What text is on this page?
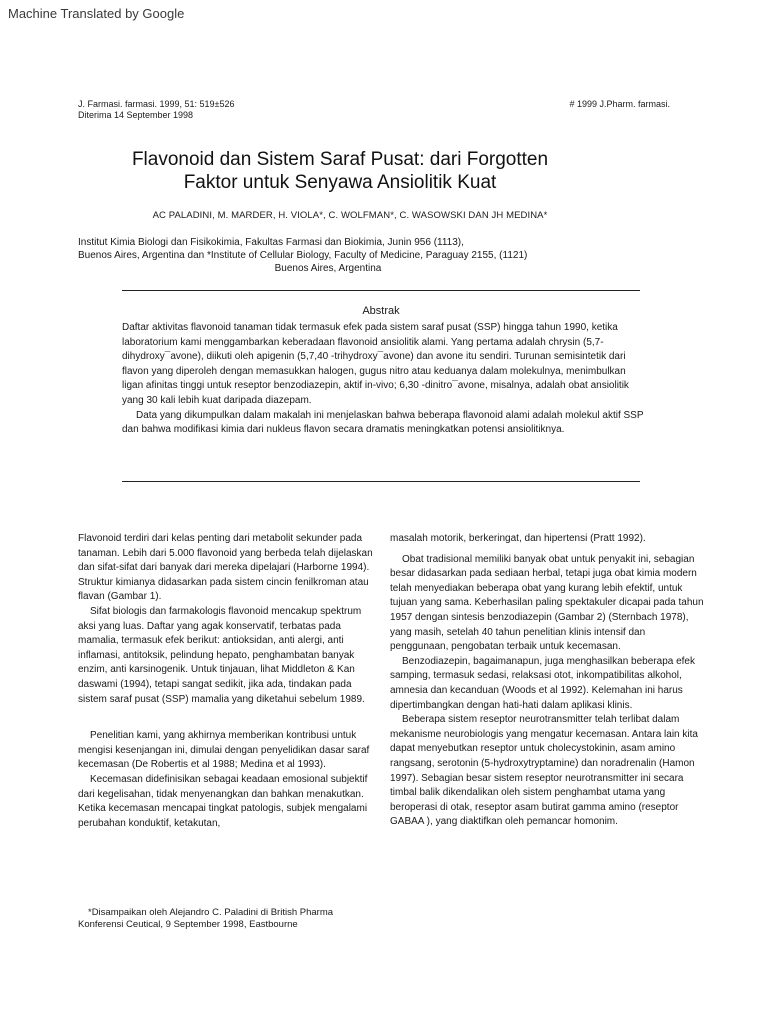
Machine Translated by Google
J. Farmasi. farmasi. 1999, 51: 519±526
Diterima 14 September 1998
# 1999 J.Pharm. farmasi.
Flavonoid dan Sistem Saraf Pusat: dari Forgotten
Faktor untuk Senyawa Ansiolitik Kuat
AC PALADINI, M. MARDER, H. VIOLA*, C. WOLFMAN*, C. WASOWSKI DAN JH MEDINA*
Institut Kimia Biologi dan Fisikokimia, Fakultas Farmasi dan Biokimia, Junin 956 (1113),
Buenos Aires, Argentina dan *Institute of Cellular Biology, Faculty of Medicine, Paraguay 2155, (1121)
Buenos Aires, Argentina
Abstrak

Daftar aktivitas flavonoid tanaman tidak termasuk efek pada sistem saraf pusat (SSP) hingga tahun 1990, ketika laboratorium kami menggambarkan keberadaan flavonoid ansiolitik alami. Yang pertama adalah chrysin (5,7-dihydroxy¯avone), diikuti oleh apigenin (5,7,40 -trihydroxy¯avone) dan avone itu sendiri. Turunan semisintetik dari flavon yang diperoleh dengan memasukkan halogen, gugus nitro atau keduanya dalam molekulnya, menimbulkan ligan afinitas tinggi untuk reseptor benzodiazepin, aktif in-vivo; 6,30 -dinitro¯avone, misalnya, adalah obat ansiolitik yang 30 kali lebih kuat daripada diazepam.

Data yang dikumpulkan dalam makalah ini menjelaskan bahwa beberapa flavonoid alami adalah molekul aktif SSP dan bahwa modifikasi kimia dari nukleus flavon secara dramatis meningkatkan potensi ansiolitiknya.

Flavonoid terdiri dari kelas penting dari metabolit sekunder pada tanaman. Lebih dari 5.000 flavonoid yang berbeda telah dijelaskan dan sifat-sifat dari banyak dari mereka dipelajari (Harborne 1994). Struktur kimianya didasarkan pada sistem cincin fenilkroman atau flavan (Gambar 1).

Sifat biologis dan farmakologis flavonoid mencakup spektrum aksi yang luas. Daftar yang agak konservatif, terbatas pada mamalia, termasuk efek berikut: antioksidan, anti alergi, anti inflamasi, antitoksik, pelindung hepato, penghambatan banyak enzim, anti karsinogenik. Untuk tinjauan, lihat Middleton & Kan daswami (1994), tetapi sangat sedikit, jika ada, tindakan pada sistem saraf pusat (SSP) mamalia yang diketahui sebelum 1989.

Penelitian kami, yang akhirnya memberikan kontribusi untuk mengisi kesenjangan ini, dimulai dengan penyelidikan dasar saraf kecemasan (De Robertis et al 1988; Medina et al 1993).

Kecemasan didefinisikan sebagai keadaan emosional subjektif dari kegelisahan, tidak menyenangkan dan bahkan menakutkan. Ketika kecemasan mencapai tingkat patologis, subjek mengalami perubahan konduktif, ketakutan,

masalah motorik, berkeringat, dan hipertensi (Pratt 1992).

Obat tradisional memiliki banyak obat untuk penyakit ini, sebagian besar didasarkan pada sediaan herbal, tetapi juga obat kimia modern telah menyediakan beberapa obat yang kurang lebih efektif, untuk tujuan yang sama. Keberhasilan paling spektakuler dicapai pada tahun 1957 dengan sintesis benzodiazepin (Gambar 2) (Sternbach 1978), yang masih, setelah 40 tahun penelitian klinis intensif dan penggunaan, pengobatan terbaik untuk kecemasan.

Benzodiazepin, bagaimanapun, juga menghasilkan beberapa efek samping, termasuk sedasi, relaksasi otot, inkompatibilitas alkohol, amnesia dan kecanduan (Woods et al 1992). Kelemahan ini harus dipertimbangkan dengan hati-hati dalam aplikasi klinis.

Beberapa sistem reseptor neurotransmitter telah terlibat dalam mekanisme neurobiologis yang mengatur kecemasan. Antara lain kita dapat menyebutkan reseptor untuk cholecystokinin, asam amino rangsang, serotonin (5-hydroxytryptamine) dan noradrenalin (Hamon 1997). Sebagian besar sistem reseptor neurotransmitter ini secara timbal balik dikendalikan oleh sistem penghambat utama yang beroperasi di otak, reseptor asam butirat gamma amino (reseptor GABAA ), yang diaktifkan oleh pemancar homonim.

*Disampaikan oleh Alejandro C. Paladini di British Pharma
Konferensi Ceutical, 9 September 1998, Eastbourne
